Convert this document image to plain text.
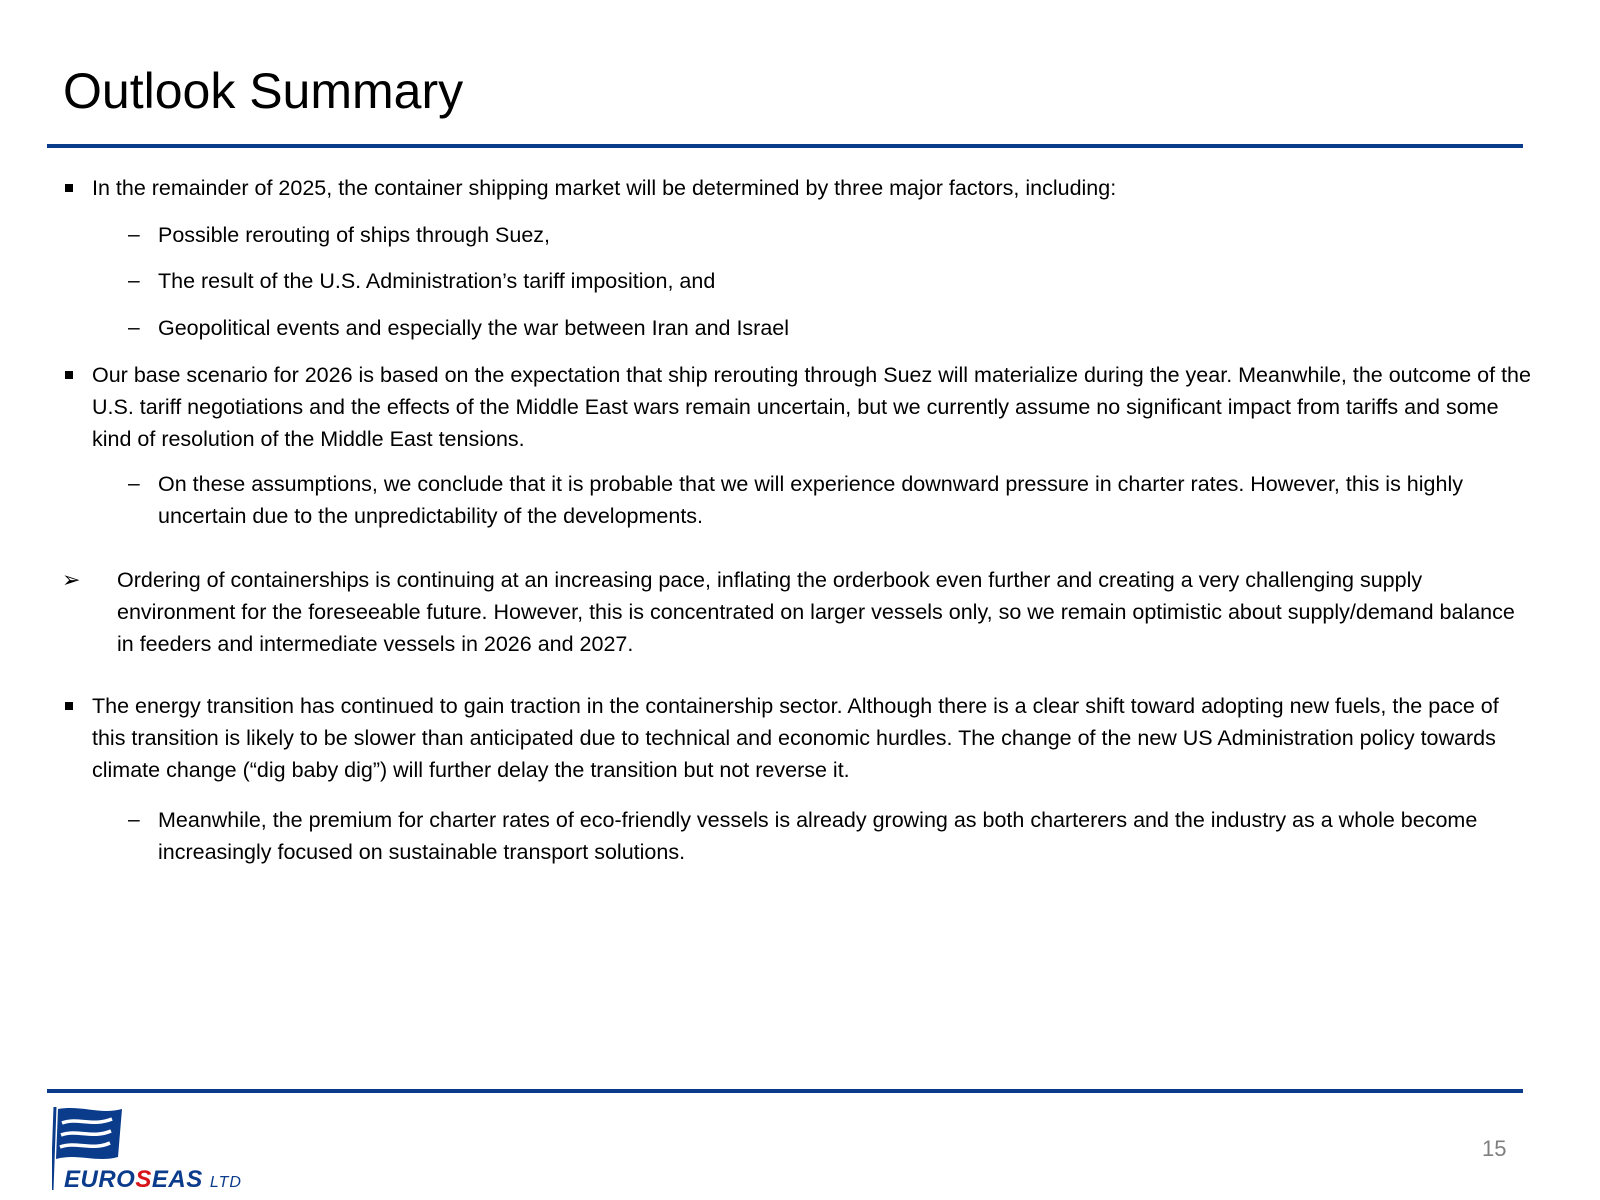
Outlook Summary
In the remainder of 2025, the container shipping market will be determined by three major factors, including:
– Possible rerouting of ships through Suez,
– The result of the U.S. Administration’s tariff imposition, and
– Geopolitical events and especially the war between Iran and Israel
Our base scenario for 2026 is based on the expectation that ship rerouting through Suez will materialize during the year. Meanwhile, the outcome of the U.S. tariff negotiations and the effects of the Middle East wars remain uncertain, but we currently assume no significant impact from tariffs and some kind of resolution of the Middle East tensions.
– On these assumptions, we conclude that it is probable that we will experience downward pressure in charter rates. However, this is highly uncertain due to the unpredictability of the developments.
➢ Ordering of containerships is continuing at an increasing pace, inflating the orderbook even further and creating a very challenging supply environment for the foreseeable future. However, this is concentrated on larger vessels only, so we remain optimistic about supply/demand balance in feeders and intermediate vessels in 2026 and 2027.
The energy transition has continued to gain traction in the containership sector. Although there is a clear shift toward adopting new fuels, the pace of this transition is likely to be slower than anticipated due to technical and economic hurdles. The change of the new US Administration policy towards climate change (“dig baby dig”) will further delay the transition but not reverse it.
– Meanwhile, the premium for charter rates of eco-friendly vessels is already growing as both charterers and the industry as a whole become increasingly focused on sustainable transport solutions.
EUROSEAS LTD
15
